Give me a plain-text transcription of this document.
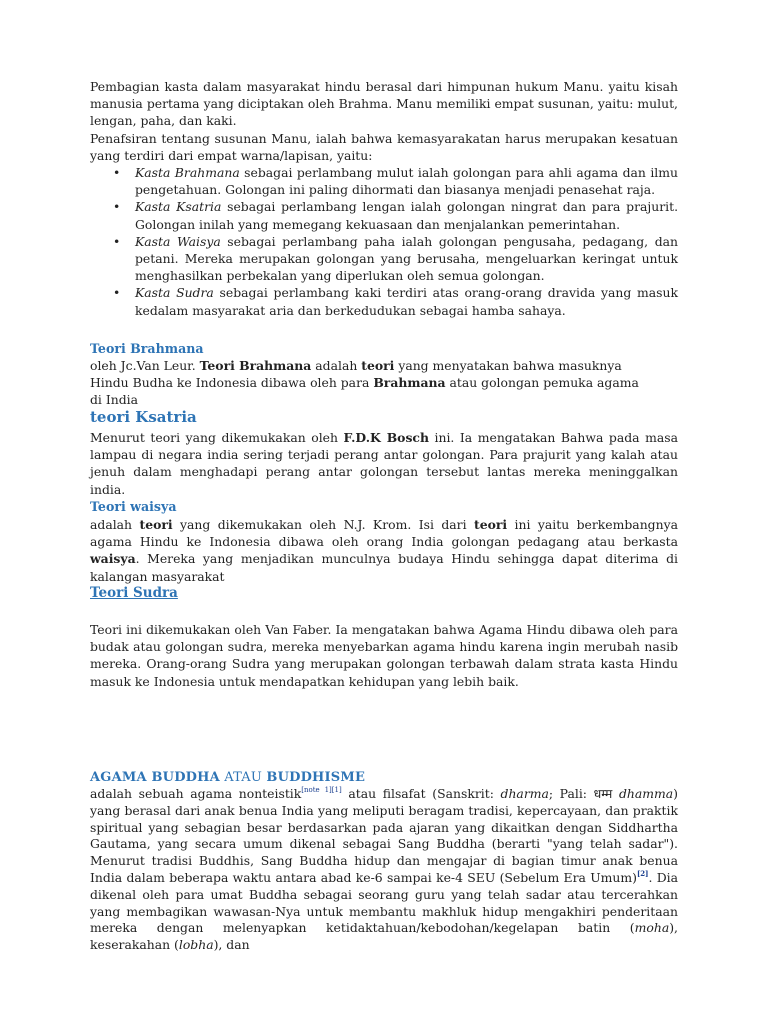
Pembagian kasta dalam masyarakat hindu berasal dari himpunan hukum Manu. yaitu kisah manusia pertama yang diciptakan oleh Brahma. Manu memiliki empat susunan, yaitu: mulut, lengan, paha, dan kaki.

Penafsiran tentang susunan Manu, ialah bahwa kemasyarakatan harus merupakan kesatuan yang terdiri dari empat warna/lapisan, yaitu:

• Kasta Brahmana sebagai perlambang mulut ialah golongan para ahli agama dan ilmu pengetahuan. Golongan ini paling dihormati dan biasanya menjadi penasehat raja.
• Kasta Ksatria sebagai perlambang lengan ialah golongan ningrat dan para prajurit. Golongan inilah yang memegang kekuasaan dan menjalankan pemerintahan.
• Kasta Waisya sebagai perlambang paha ialah golongan pengusaha, pedagang, dan petani. Mereka merupakan golongan yang berusaha, mengeluarkan keringat untuk menghasilkan perbekalan yang diperlukan oleh semua golongan.
• Kasta Sudra sebagai perlambang kaki terdiri atas orang-orang dravida yang masuk kedalam masyarakat aria dan berkedudukan sebagai hamba sahaya.
Teori Brahmana

oleh Jc.Van Leur. Teori Brahmana adalah teori yang menyatakan bahwa masuknya Hindu Budha ke Indonesia dibawa oleh para Brahmana atau golongan pemuka agama di India

teori Ksatria

Menurut teori yang dikemukakan oleh F.D.K Bosch ini. Ia mengatakan Bahwa pada masa lampau di negara india sering terjadi perang antar golongan. Para prajurit yang kalah atau jenuh dalam menghadapi perang antar golongan tersebut lantas mereka meninggalkan india.

Teori waisya

adalah teori yang dikemukakan oleh N.J. Krom. Isi dari teori ini yaitu berkembangnya agama Hindu ke Indonesia dibawa oleh orang India golongan pedagang atau berkasta waisya. Mereka yang menjadikan munculnya budaya Hindu sehingga dapat diterima di kalangan masyarakat

Teori Sudra

Teori ini dikemukakan oleh Van Faber. Ia mengatakan bahwa Agama Hindu dibawa oleh para budak atau golongan sudra, mereka menyebarkan agama hindu karena ingin merubah nasib mereka. Orang-orang Sudra yang merupakan golongan terbawah dalam strata kasta Hindu masuk ke Indonesia untuk mendapatkan kehidupan yang lebih baik.

AGAMA BUDDHA ATAU BUDDHISME

adalah sebuah agama nonteistik[note 1][1] atau filsafat (Sanskrit: dharma; Pali: धम्म dhamma) yang berasal dari anak benua India yang meliputi beragam tradisi, kepercayaan, dan praktik spiritual yang sebagian besar berdasarkan pada ajaran yang dikaitkan dengan Siddhartha Gautama, yang secara umum dikenal sebagai Sang Buddha (berarti "yang telah sadar"). Menurut tradisi Buddhis, Sang Buddha hidup dan mengajar di bagian timur anak benua India dalam beberapa waktu antara abad ke-6 sampai ke-4 SEU (Sebelum Era Umum)[2]. Dia dikenal oleh para umat Buddha sebagai seorang guru yang telah sadar atau tercerahkan yang membagikan wawasan-Nya untuk membantu makhluk hidup mengakhiri penderitaan mereka dengan melenyapkan ketidaktahuan/kebodohan/kegelapan batin (moha), keserakahan (lobha), dan
